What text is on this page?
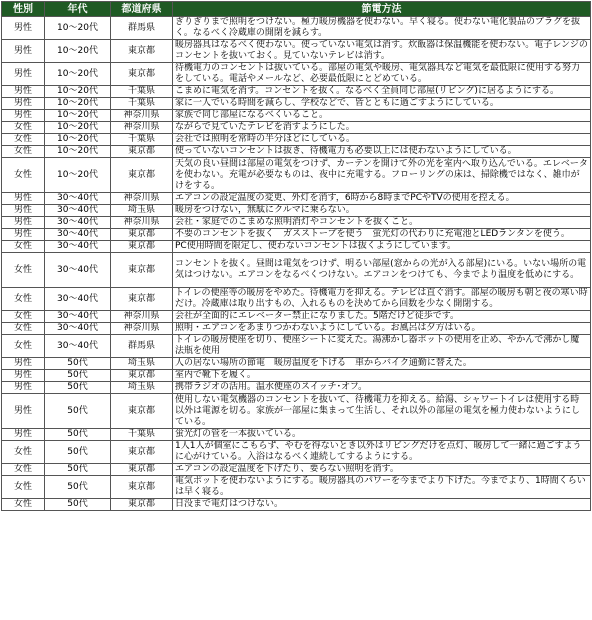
性別	年代	都道府県	節電方法
男性	10～20代	群馬県	ぎりぎりまで照明をつけない。極力暖房機器を使わない。早く寝る。使わない電化製品のプラグを抜く。なるべく冷蔵庫の開閉を減らす。
男性	10～20代	東京都	暖房器具はなるべく使わない。使っていない電気は消す。炊飯器は保温機能を使わない。電子レンジのコンセントを抜いておく。見ていないテレビは消す。
男性	10～20代	東京都	待機電力のコンセントは抜いている。部屋の電気や暖房、電気器具など電気を最低限に使用する努力をしている。電話やメールなど、必要最低限にとどめている。
男性	10～20代	千葉県	こまめに電気を消す。コンセントを抜く。なるべく全員同じ部屋(リビング)に居るようにする。
男性	10～20代	千葉県	家に一人でいる時間を減らし、学校などで、皆とともに過ごすようにしている。
男性	10～20代	神奈川県	家族で同じ部屋になるべくいること。
女性	10～20代	神奈川県	ながらで見ていたテレビを消すようにした。
女性	10～20代	千葉県	会社では照明を常時の半分ほどにしている。
女性	10～20代	東京都	使っていないコンセントは抜き、待機電力も必要以上には使わないようにしている。
女性	10～20代	東京都	天気の良い昼間は部屋の電気をつけず、カーテンを開けて外の光を室内へ取り込んでいる。エレベータを使わない。充電が必要なものは、夜中に充電する。フローリングの床は、掃除機ではなく、雑巾がけをする。
男性	30～40代	神奈川県	エアコンの設定温度の変更、外灯を消す，6時から8時までPCやTVの使用を控える。
男性	30～40代	埼玉県	暖房をつけない，無駄にクルマに乗らない。
男性	30～40代	神奈川県	会社・家庭でのこまめな照明消灯やコンセントを抜くこと。
男性	30～40代	東京都	不要のコンセントを抜く　ガスストーブを使う　蛍光灯の代わりに充電池とLEDランタンを使う。
女性	30～40代	東京都	PC使用時間を限定し、使わないコンセントは抜くようにしています。
女性	30～40代	東京都	コンセントを抜く。昼間は電気をつけず、明るい部屋(窓からの光が入る部屋)にいる。いない場所の電気はつけない。エアコンをなるべくつけない。エアコンをつけても、今までより温度を低めにする。
女性	30～40代	東京都	トイレの便座等の暖房をやめた。待機電力を抑える。テレビは直ぐ消す。部屋の暖房も朝と夜の寒い時だけ。冷蔵庫は取り出すもの、入れるものを決めてから回数を少なく開閉する。
女性	30～40代	神奈川県	会社が全面的にエレベーター禁止になりました。5階だけど徒歩です。
女性	30～40代	神奈川県	照明・エアコンをあまりつかわないようにしている。お風呂は夕方はいる。
女性	30～40代	群馬県	トイレの暖房便座を切り、便座シートに変えた。湯沸かし器ポットの使用を止め、やかんで沸かし魔法瓶を使用
男性	50代	埼玉県	人の居ない場所の節電　暖房温度を下げる　車からバイク通勤に替えた。
男性	50代	東京都	室内で靴下を履く。
男性	50代	埼玉県	携帯ラジオの活用。温水便座のスイッチ･オフ。
男性	50代	東京都	使用しない電気機器のコンセントを抜いて、待機電力を抑える。給湯、シャワートイレは使用する時以外は電源を切る。家族が一部屋に集まって生活し、それ以外の部屋の電気を極力使わないようにしている。
男性	50代	千葉県	蛍光灯の管を一本抜いている。
女性	50代	東京都	1人1人が個室にこもらず、やむを得ないとき以外はリビングだけを点灯、暖房して一緒に過ごすように心がけている。入浴はなるべく連続してするようにする。
女性	50代	東京都	エアコンの設定温度を下げたり、要らない照明を消す。
女性	50代	東京都	電気ポットを使わないようにする。暖房器具のパワーを今までより下げた。今までより、1時間くらいは早く寝る。
女性	50代	東京都	日没まで電灯はつけない。
